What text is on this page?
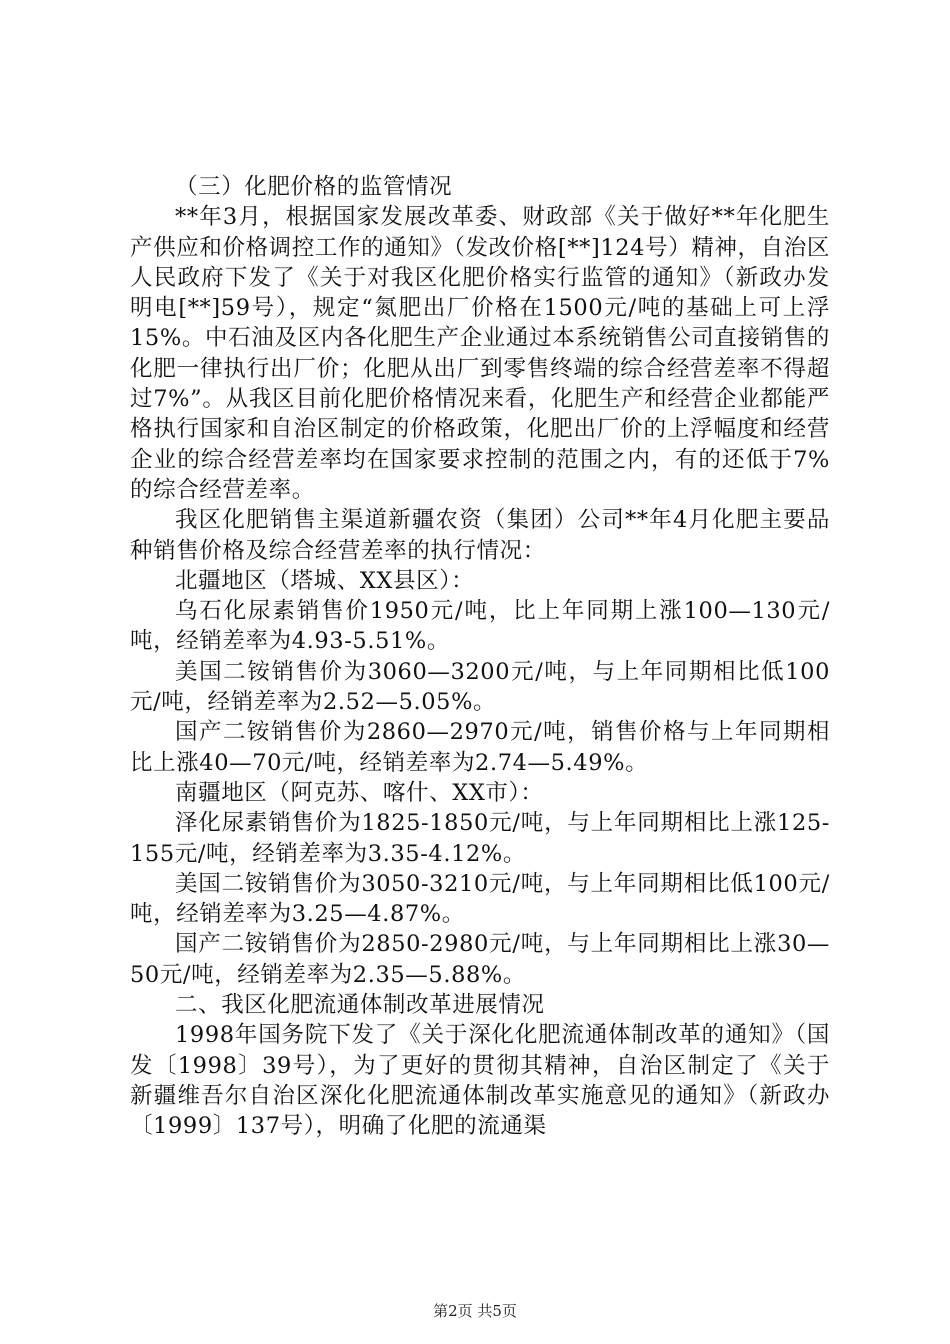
（三）化肥价格的监管情况

**年3月，根据国家发展改革委、财政部《关于做好**年化肥生产供应和价格调控工作的通知》（发改价格[**]124号）精神，自治区人民政府下发了《关于对我区化肥价格实行监管的通知》（新政办发明电[**]59号），规定“氮肥出厂价格在1500元/吨的基础上可上浮15%。中石油及区内各化肥生产企业通过本系统销售公司直接销售的化肥一律执行出厂价；化肥从出厂到零售终端的综合经营差率不得超过7%”。从我区目前化肥价格情况来看，化肥生产和经营企业都能严格执行国家和自治区制定的价格政策，化肥出厂价的上浮幅度和经营企业的综合经营差率均在国家要求控制的范围之内，有的还低于7%的综合经营差率。

我区化肥销售主渠道新疆农资（集团）公司**年4月化肥主要品种销售价格及综合经营差率的执行情况：

北疆地区（塔城、XX县区）：

乌石化尿素销售价1950元/吨，比上年同期上涨100—130元/吨，经销差率为4.93-5.51%。

美国二铵销售价为3060—3200元/吨，与上年同期相比低100元/吨，经销差率为2.52—5.05%。

国产二铵销售价为2860—2970元/吨，销售价格与上年同期相比上涨40—70元/吨，经销差率为2.74—5.49%。

南疆地区（阿克苏、喀什、XX市）：

泽化尿素销售价为1825-1850元/吨，与上年同期相比上涨125-155元/吨，经销差率为3.35-4.12%。

美国二铵销售价为3050-3210元/吨，与上年同期相比低100元/吨，经销差率为3.25—4.87%。

国产二铵销售价为2850-2980元/吨，与上年同期相比上涨30—50元/吨，经销差率为2.35—5.88%。

二、我区化肥流通体制改革进展情况

1998年国务院下发了《关于深化化肥流通体制改革的通知》（国发〔1998〕39号），为了更好的贯彻其精神，自治区制定了《关于新疆维吾尔自治区深化化肥流通体制改革实施意见的通知》（新政办〔1999〕137号），明确了化肥的流通渠

第2页 共5页
